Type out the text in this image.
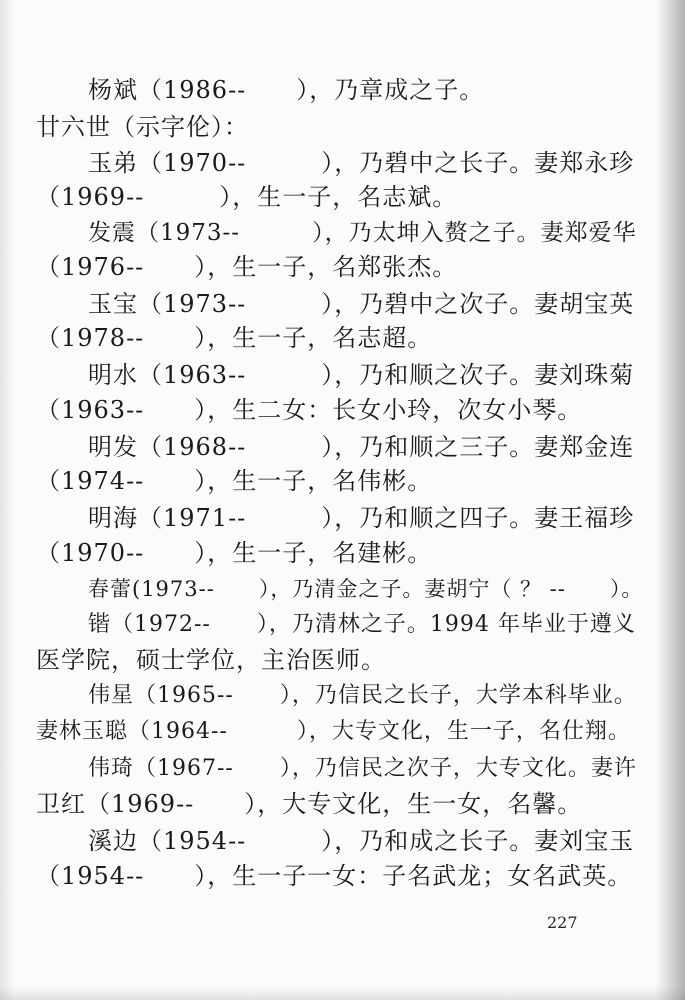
杨斌（1986--　　），乃章成之子。
廿六世（示字伦）：
玉弟（1970--　　　），乃碧中之长子。妻郑永珍
（1969--　　　），生一子，名志斌。
发震（1973--　　　），乃太坤入赘之子。妻郑爱华
（1976--　　），生一子，名郑张杰。
玉宝（1973--　　　），乃碧中之次子。妻胡宝英
（1978--　　），生一子，名志超。
明水（1963--　　　），乃和顺之次子。妻刘珠菊
（1963--　　），生二女：长女小玲，次女小琴。
明发（1968--　　　），乃和顺之三子。妻郑金连
（1974--　　），生一子，名伟彬。
明海（1971--　　　），乃和顺之四子。妻王福珍
（1970--　　），生一子，名建彬。
春蕾(1973--　　），乃清金之子。妻胡宁（ ？ --　　）。
锴（1972--　　），乃清林之子。1994 年毕业于遵义
医学院，硕士学位，主治医师。
伟星（1965--　　），乃信民之长子，大学本科毕业。
妻林玉聪（1964--　　　），大专文化，生一子，名仕翔。
伟琦（1967--　　），乃信民之次子，大专文化。妻许
卫红（1969--　　），大专文化，生一女，名馨。
溪边（1954--　　　），乃和成之长子。妻刘宝玉
（1954--　　），生一子一女：子名武龙；女名武英。
227
